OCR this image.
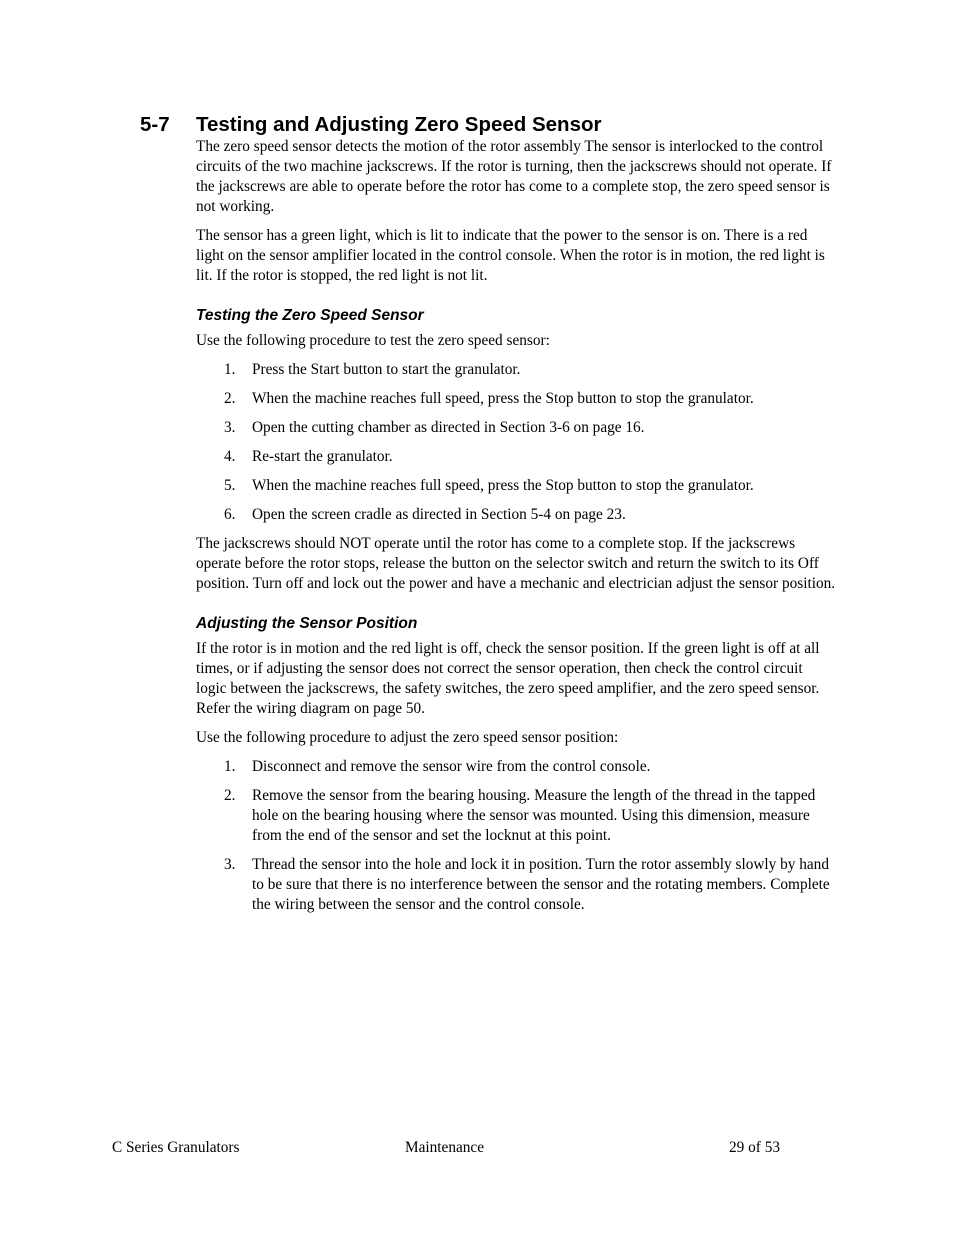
5-7 Testing and Adjusting Zero Speed Sensor

The zero speed sensor detects the motion of the rotor assembly The sensor is interlocked to the control circuits of the two machine jackscrews. If the rotor is turning, then the jackscrews should not operate. If the jackscrews are able to operate before the rotor has come to a complete stop, the zero speed sensor is not working.

The sensor has a green light, which is lit to indicate that the power to the sensor is on. There is a red light on the sensor amplifier located in the control console. When the rotor is in motion, the red light is lit. If the rotor is stopped, the red light is not lit.

Testing the Zero Speed Sensor

Use the following procedure to test the zero speed sensor:

1. Press the Start button to start the granulator.
2. When the machine reaches full speed, press the Stop button to stop the granulator.
3. Open the cutting chamber as directed in Section 3-6 on page 16.
4. Re-start the granulator.
5. When the machine reaches full speed, press the Stop button to stop the granulator.
6. Open the screen cradle as directed in Section 5-4 on page 23.

The jackscrews should NOT operate until the rotor has come to a complete stop. If the jackscrews operate before the rotor stops, release the button on the selector switch and return the switch to its Off position. Turn off and lock out the power and have a mechanic and electrician adjust the sensor position.

Adjusting the Sensor Position

If the rotor is in motion and the red light is off, check the sensor position. If the green light is off at all times, or if adjusting the sensor does not correct the sensor operation, then check the control circuit logic between the jackscrews, the safety switches, the zero speed amplifier, and the zero speed sensor. Refer the wiring diagram on page 50.

Use the following procedure to adjust the zero speed sensor position:

1. Disconnect and remove the sensor wire from the control console.
2. Remove the sensor from the bearing housing. Measure the length of the thread in the tapped hole on the bearing housing where the sensor was mounted. Using this dimension, measure from the end of the sensor and set the locknut at this point.
3. Thread the sensor into the hole and lock it in position. Turn the rotor assembly slowly by hand to be sure that there is no interference between the sensor and the rotating members. Complete the wiring between the sensor and the control console.
C Series Granulators	Maintenance	29 of 53
